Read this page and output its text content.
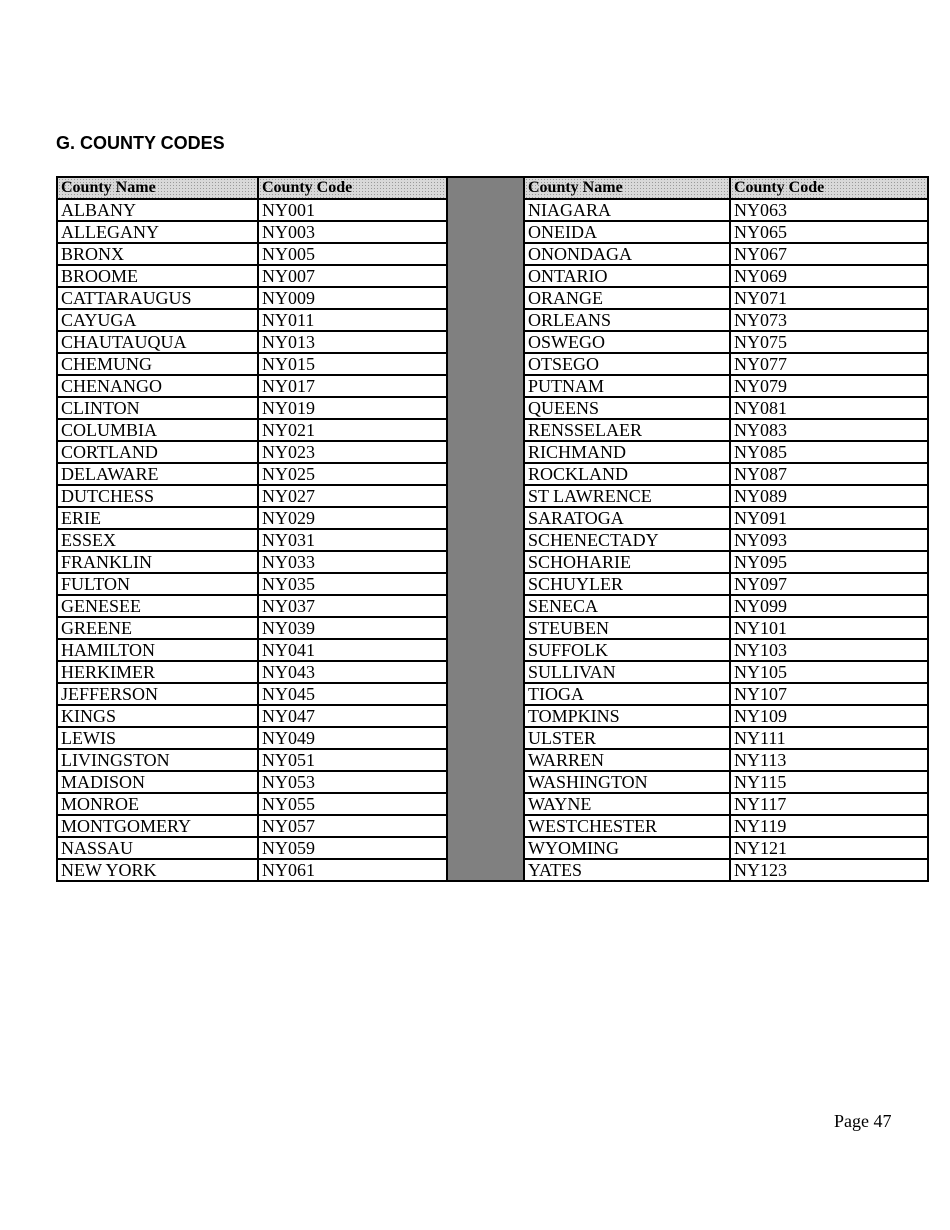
G. COUNTY CODES
County Name	County Code		County Name	County Code
ALBANY	NY001		NIAGARA	NY063
ALLEGANY	NY003		ONEIDA	NY065
BRONX	NY005		ONONDAGA	NY067
BROOME	NY007		ONTARIO	NY069
CATTARAUGUS	NY009		ORANGE	NY071
CAYUGA	NY011		ORLEANS	NY073
CHAUTAUQUA	NY013		OSWEGO	NY075
CHEMUNG	NY015		OTSEGO	NY077
CHENANGO	NY017		PUTNAM	NY079
CLINTON	NY019		QUEENS	NY081
COLUMBIA	NY021		RENSSELAER	NY083
CORTLAND	NY023		RICHMAND	NY085
DELAWARE	NY025		ROCKLAND	NY087
DUTCHESS	NY027		ST LAWRENCE	NY089
ERIE	NY029		SARATOGA	NY091
ESSEX	NY031		SCHENECTADY	NY093
FRANKLIN	NY033		SCHOHARIE	NY095
FULTON	NY035		SCHUYLER	NY097
GENESEE	NY037		SENECA	NY099
GREENE	NY039		STEUBEN	NY101
HAMILTON	NY041		SUFFOLK	NY103
HERKIMER	NY043		SULLIVAN	NY105
JEFFERSON	NY045		TIOGA	NY107
KINGS	NY047		TOMPKINS	NY109
LEWIS	NY049		ULSTER	NY111
LIVINGSTON	NY051		WARREN	NY113
MADISON	NY053		WASHINGTON	NY115
MONROE	NY055		WAYNE	NY117
MONTGOMERY	NY057		WESTCHESTER	NY119
NASSAU	NY059		WYOMING	NY121
NEW YORK	NY061		YATES	NY123

Page 47
